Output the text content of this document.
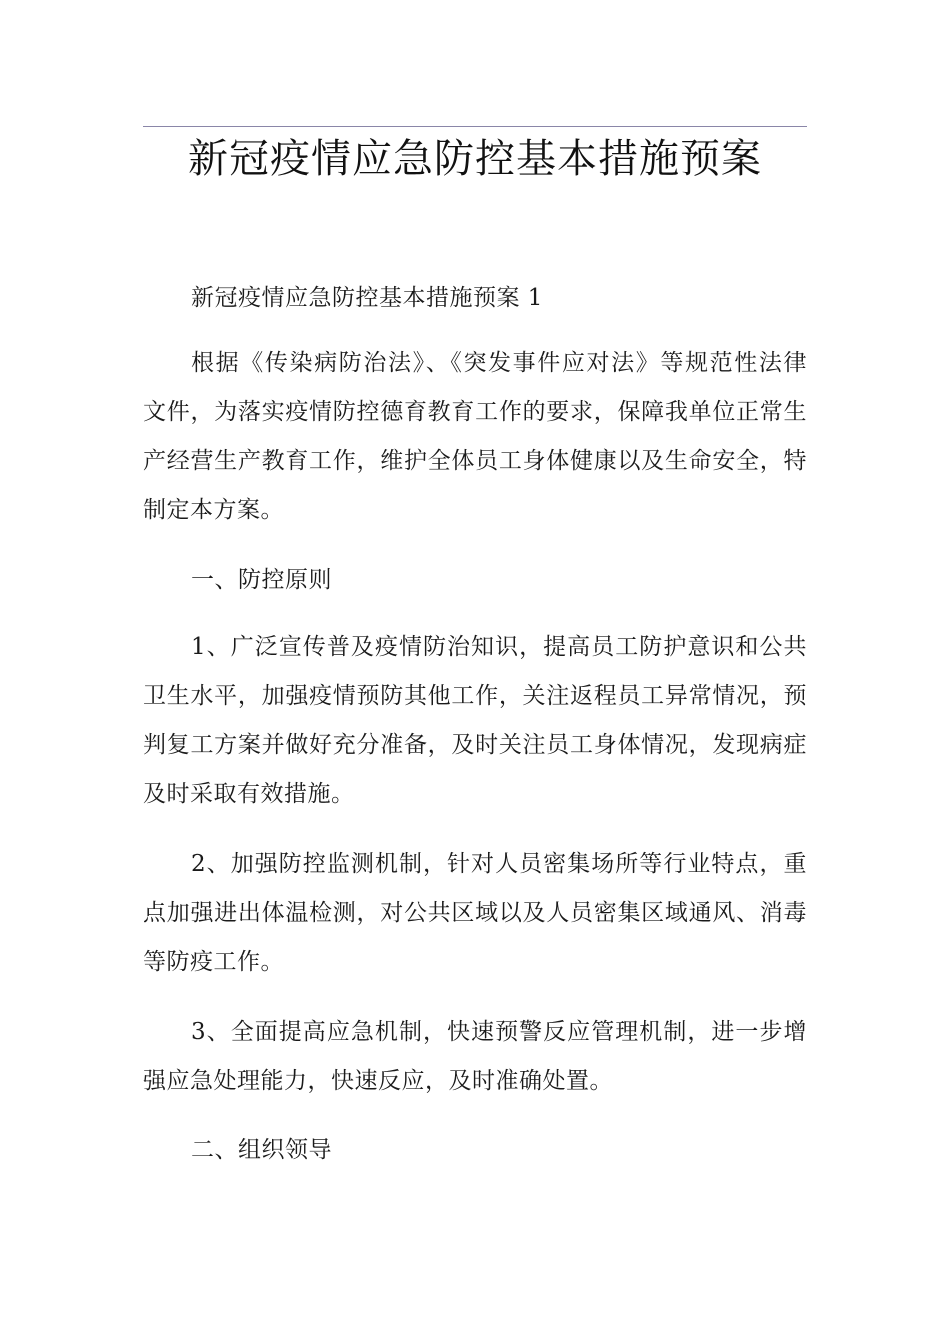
新冠疫情应急防控基本措施预案

新冠疫情应急防控基本措施预案 1

根据《传染病防治法》、《突发事件应对法》等规范性法律
文件，为落实疫情防控德育教育工作的要求，保障我单位正常生
产经营生产教育工作，维护全体员工身体健康以及生命安全，特
制定本方案。

一、防控原则

1、广泛宣传普及疫情防治知识，提高员工防护意识和公共
卫生水平，加强疫情预防其他工作，关注返程员工异常情况，预
判复工方案并做好充分准备，及时关注员工身体情况，发现病症
及时采取有效措施。
2、加强防控监测机制，针对人员密集场所等行业特点，重
点加强进出体温检测，对公共区域以及人员密集区域通风、消毒
等防疫工作。
3、全面提高应急机制，快速预警反应管理机制，进一步增
强应急处理能力，快速反应，及时准确处置。

二、组织领导
